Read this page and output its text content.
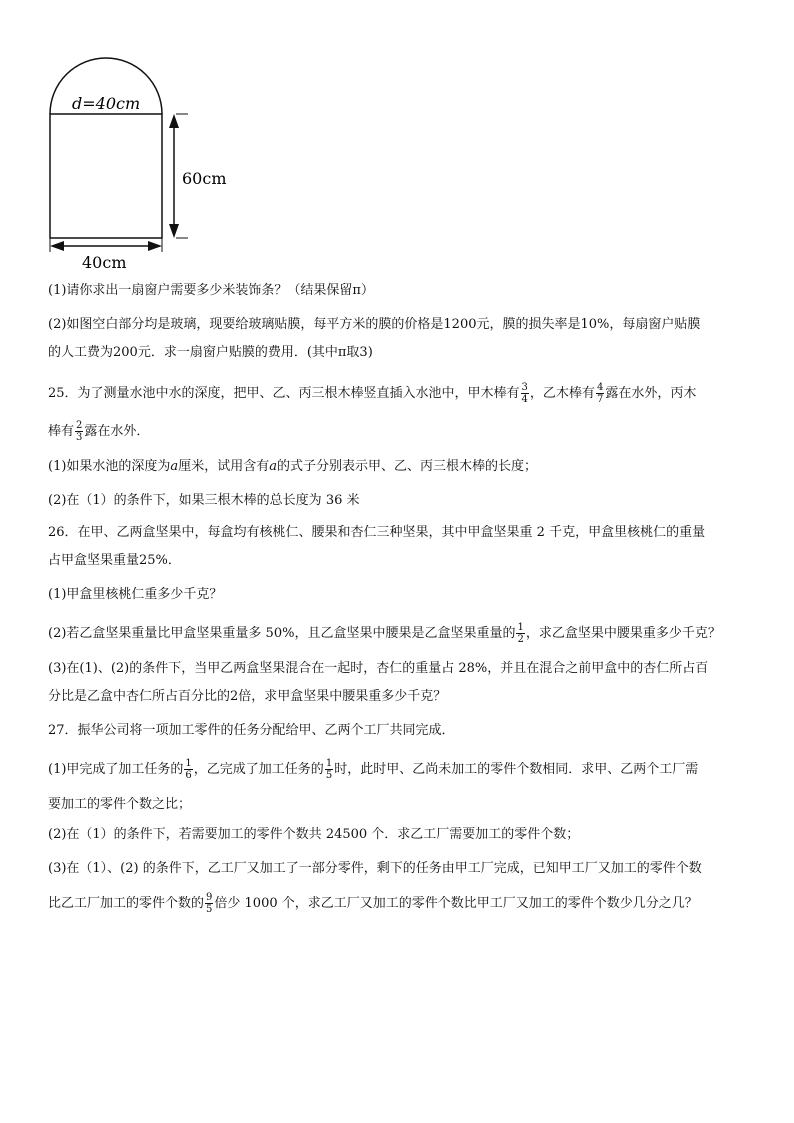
d=40cm
60cm
40cm
(1)请你求出一扇窗户需要多少米装饰条？（结果保留π）
(2)如图空白部分均是玻璃，现要给玻璃贴膜，每平方米的膜的价格是1200元，膜的损失率是10%，每扇窗户贴膜
的人工费为200元．求一扇窗户贴膜的费用．(其中π取3)
25．为了测量水池中水的深度，把甲、乙、丙三根木棒竖直插入水池中，甲木棒有 $\frac{3}{4}$ ，乙木棒有 $\frac{4}{7}$ 露在水外，丙木
棒有 $\frac{2}{3}$ 露在水外．
(1)如果水池的深度为a厘米，试用含有a的式子分别表示甲、乙、丙三根木棒的长度；
(2)在（1）的条件下，如果三根木棒的总长度为 36 米
26．在甲、乙两盒坚果中，每盒均有核桃仁、腰果和杏仁三种坚果，其中甲盒坚果重 2 千克，甲盒里核桃仁的重量
占甲盒坚果重量25%．
(1)甲盒里核桃仁重多少千克？
(2)若乙盒坚果重量比甲盒坚果重量多 50%，且乙盒坚果中腰果是乙盒坚果重量的 $\frac{1}{2}$ ，求乙盒坚果中腰果重多少千克？
(3)在(1)、(2)的条件下，当甲乙两盒坚果混合在一起时，杏仁的重量占 28%，并且在混合之前甲盒中的杏仁所占百
分比是乙盒中杏仁所占百分比的2倍，求甲盒坚果中腰果重多少千克？
27．振华公司将一项加工零件的任务分配给甲、乙两个工厂共同完成．
(1)甲完成了加工任务的 $\frac{1}{6}$ ，乙完成了加工任务的 $\frac{1}{5}$ 时，此时甲、乙尚未加工的零件个数相同．求甲、乙两个工厂需
要加工的零件个数之比；
(2)在（1）的条件下，若需要加工的零件个数共 24500 个．求乙工厂需要加工的零件个数；
(3)在（1）、(2) 的条件下，乙工厂又加工了一部分零件，剩下的任务由甲工厂完成，已知甲工厂又加工的零件个数
比乙工厂加工的零件个数的 $\frac{9}{5}$ 倍少 1000 个，求乙工厂又加工的零件个数比甲工厂又加工的零件个数少几分之几？
